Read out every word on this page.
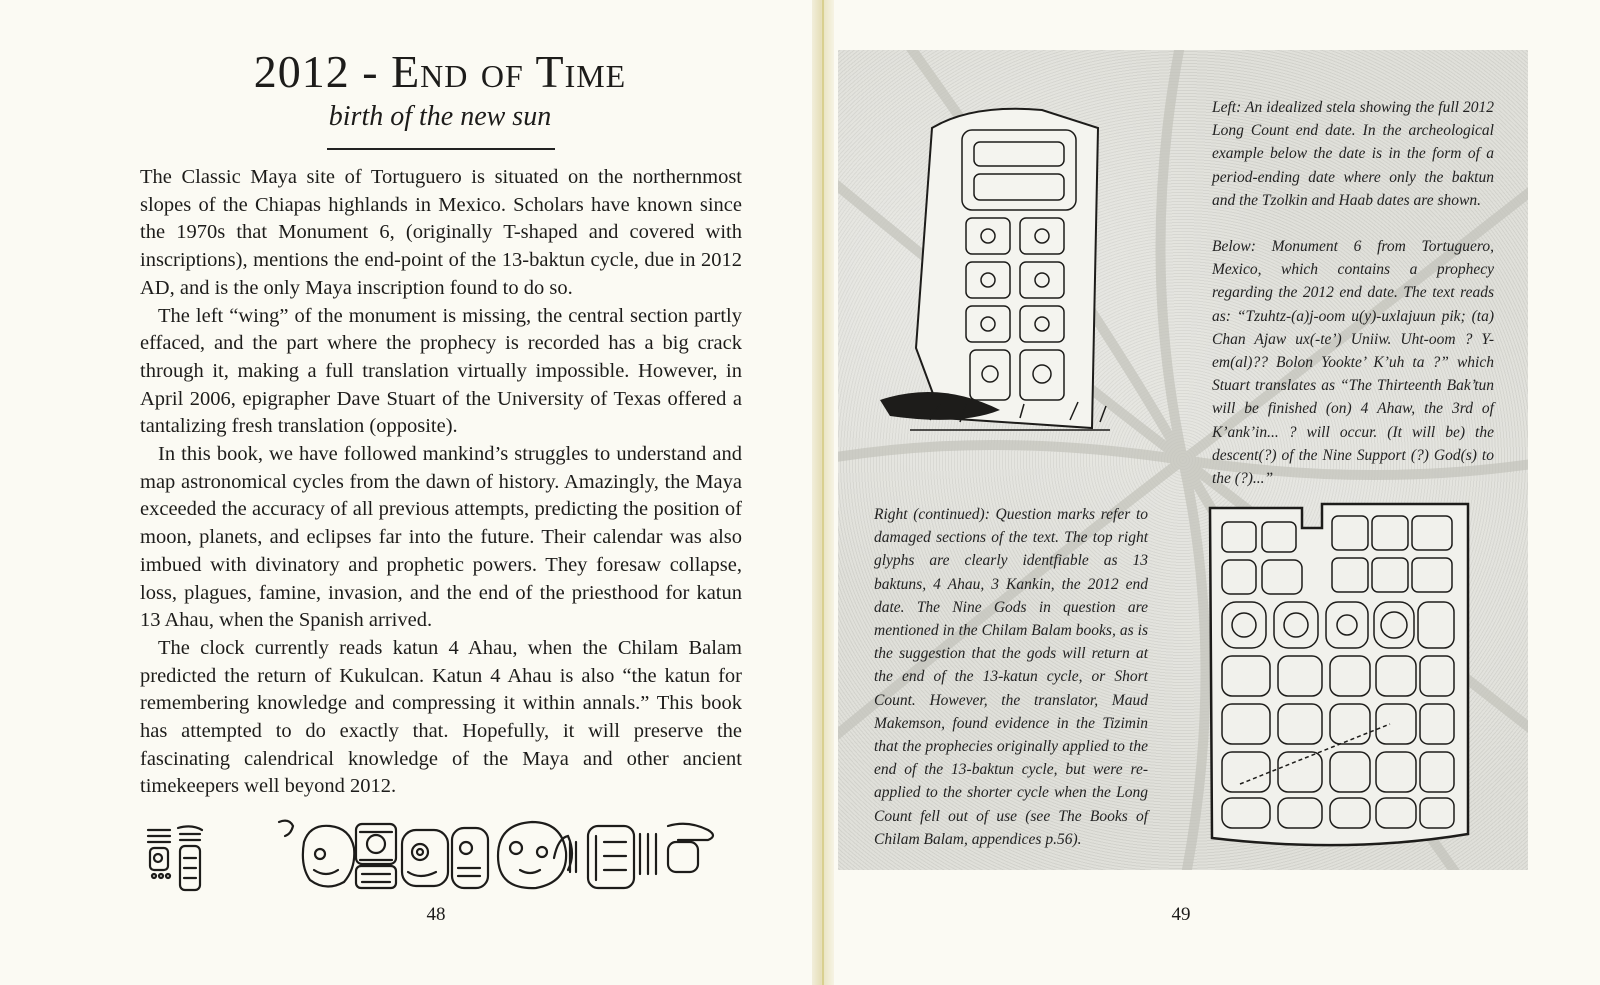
2012 - End of Time
birth of the new sun

The Classic Maya site of Tortuguero is situated on the northernmost slopes of the Chiapas highlands in Mexico. Scholars have known since the 1970s that Monument 6, (originally T-shaped and covered with inscriptions), mentions the end-point of the 13-baktun cycle, due in 2012 AD, and is the only Maya inscription found to do so.

The left “wing” of the monument is missing, the central section partly effaced, and the part where the prophecy is recorded has a big crack through it, making a full translation virtually impossible. However, in April 2006, epigrapher Dave Stuart of the University of Texas offered a tantalizing fresh translation (opposite).

In this book, we have followed mankind’s struggles to understand and map astronomical cycles from the dawn of history. Amazingly, the Maya exceeded the accuracy of all previous attempts, predicting the position of moon, planets, and eclipses far into the future. Their calendar was also imbued with divinatory and prophetic powers. They foresaw collapse, loss, plagues, famine, invasion, and the end of the priesthood for katun 13 Ahau, when the Spanish arrived.

The clock currently reads katun 4 Ahau, when the Chilam Balam predicted the return of Kukulcan. Katun 4 Ahau is also “the katun for remembering knowledge and compressing it within annals.” This book has attempted to do exactly that. Hopefully, it will preserve the fascinating calendrical knowledge of the Maya and other ancient timekeepers well beyond 2012.

48
Left: An idealized stela showing the full 2012 Long Count end date. In the archeological example below the date is in the form of a period-ending date where only the baktun and the Tzolkin and Haab dates are shown.
Below: Monument 6 from Tortuguero, Mexico, which contains a prophecy regarding the 2012 end date. The text reads as: “Tzuhtz-(a)j-oom u(y)-uxlajuun pik; (ta) Chan Ajaw ux(-te’) Uniiw. Uht-oom ? Y-em(al)?? Bolon Yookte’ K’uh ta ?” which Stuart translates as “The Thirteenth Bak’tun will be finished (on) 4 Ahaw, the 3rd of K’ank’in... ? will occur. (It will be) the descent(?) of the Nine Support (?) God(s) to the (?)...”
Right (continued): Question marks refer to damaged sections of the text. The top right glyphs are clearly identfiable as 13 baktuns, 4 Ahau, 3 Kankin, the 2012 end date. The Nine Gods in question are mentioned in the Chilam Balam books, as is the suggestion that the gods will return at the end of the 13-katun cycle, or Short Count. However, the translator, Maud Makemson, found evidence in the Tizimin that the prophecies originally applied to the end of the 13-baktun cycle, but were re-applied to the shorter cycle when the Long Count fell out of use (see The Books of Chilam Balam, appendices p.56).
49
